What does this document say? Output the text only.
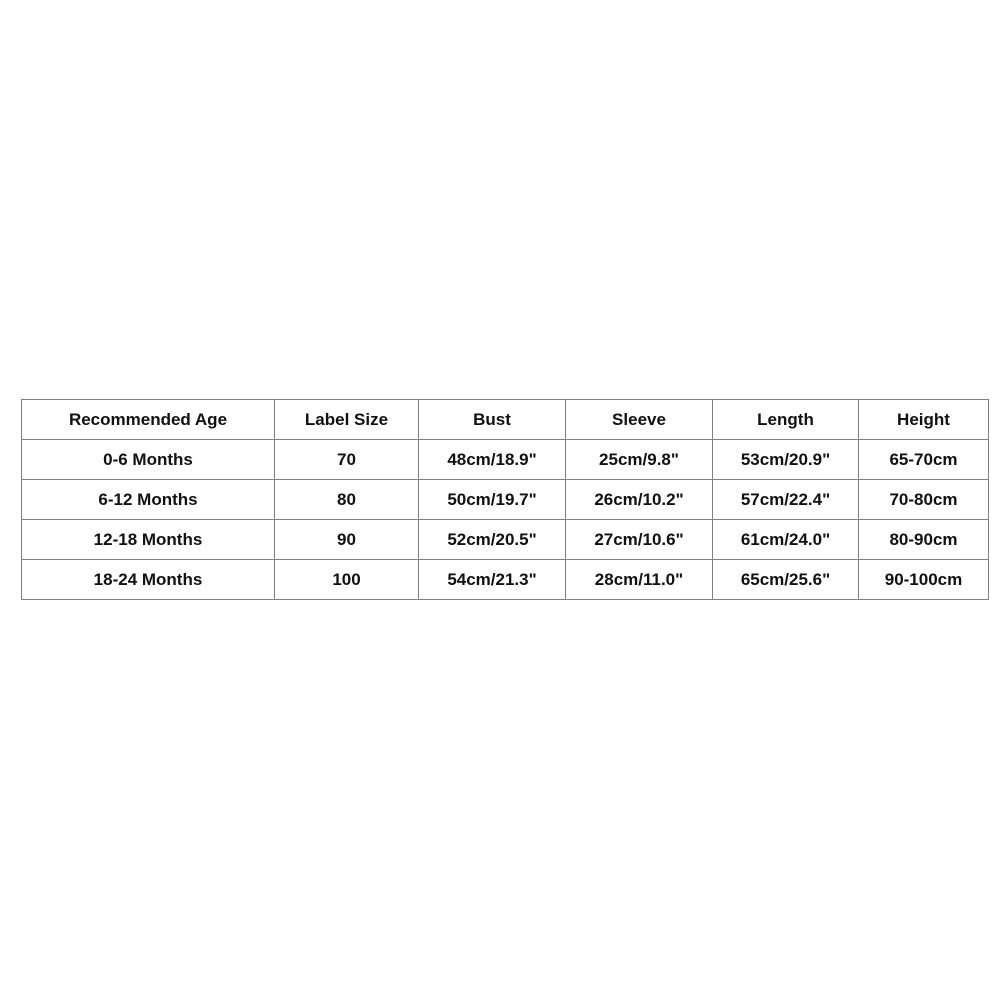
Recommended Age	Label Size	Bust	Sleeve	Length	Height
0-6 Months	70	48cm/18.9"	25cm/9.8"	53cm/20.9"	65-70cm
6-12 Months	80	50cm/19.7"	26cm/10.2"	57cm/22.4"	70-80cm
12-18 Months	90	52cm/20.5"	27cm/10.6"	61cm/24.0"	80-90cm
18-24 Months	100	54cm/21.3"	28cm/11.0"	65cm/25.6"	90-100cm
